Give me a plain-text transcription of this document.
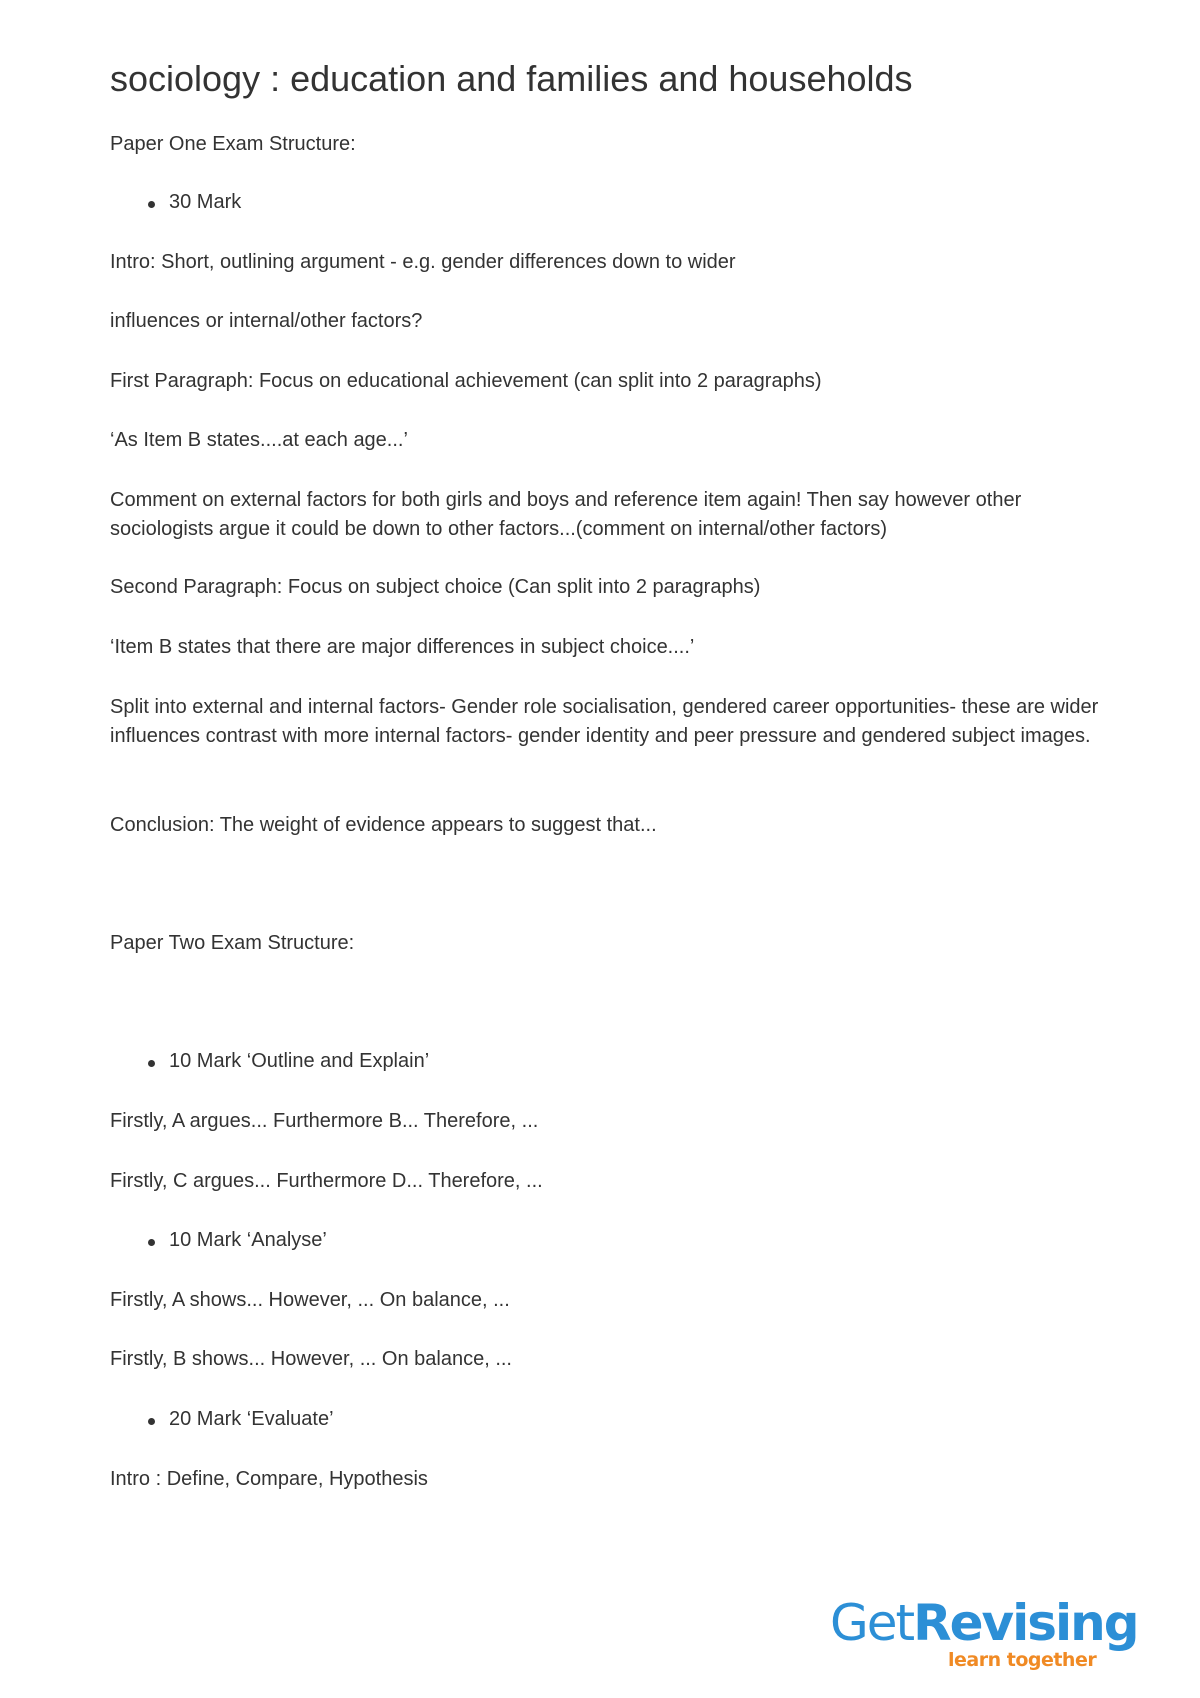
sociology : education and families and households

Paper One Exam Structure:

30 Mark

Intro: Short, outlining argument - e.g. gender differences down to wider

influences or internal/other factors?

First Paragraph: Focus on educational achievement (can split into 2 paragraphs)

‘As Item B states....at each age...’

Comment on external factors for both girls and boys and reference item again! Then say however other sociologists argue it could be down to other factors...(comment on internal/other factors)

Second Paragraph: Focus on subject choice (Can split into 2 paragraphs)

‘Item B states that there are major differences in subject choice....’

Split into external and internal factors- Gender role socialisation, gendered career opportunities- these are wider influences contrast with more internal factors- gender identity and peer pressure and gendered subject images.

Conclusion: The weight of evidence appears to suggest that...

Paper Two Exam Structure:

10 Mark ‘Outline and Explain’

Firstly, A argues... Furthermore B... Therefore, ...

Firstly, C argues... Furthermore D... Therefore, ...

10 Mark ‘Analyse’

Firstly, A shows... However, ... On balance, ...

Firstly, B shows... However, ... On balance, ...

20 Mark ‘Evaluate’

Intro : Define, Compare, Hypothesis

GetRevising
learn together
